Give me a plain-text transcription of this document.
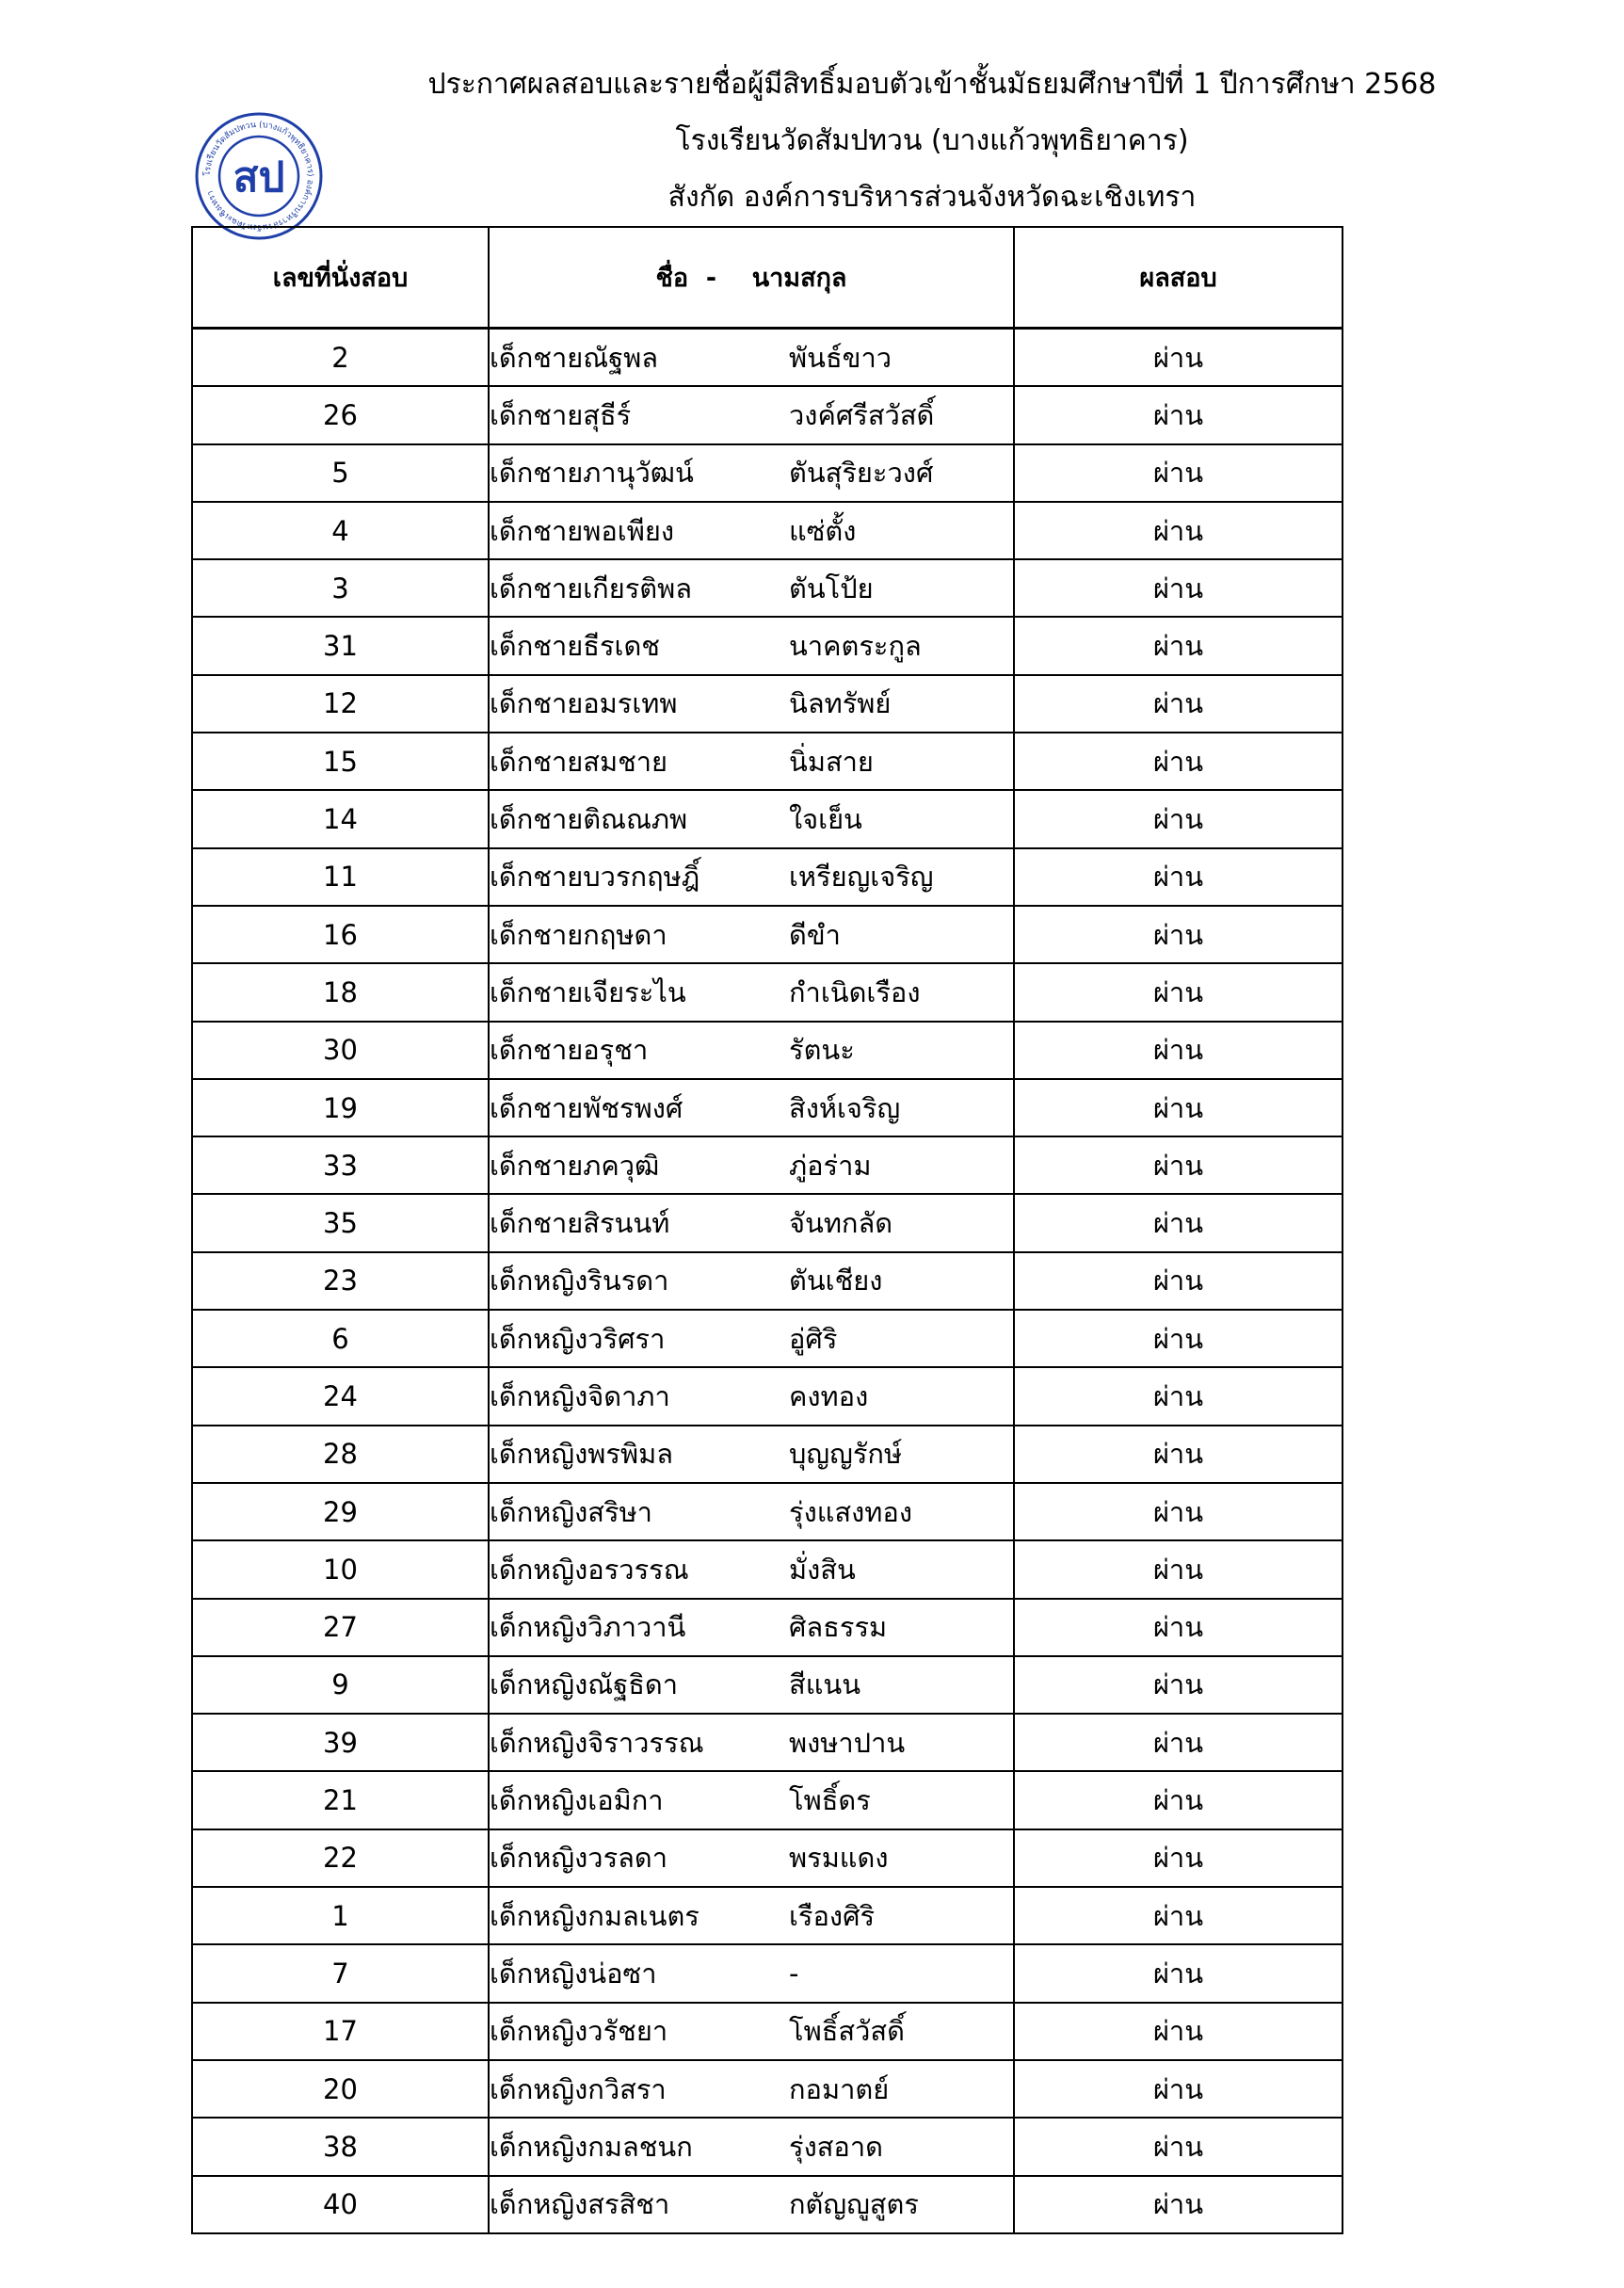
โรงเรียนวัดสัมปทวน (บางแก้วพุทธิยาคาร) องค์การบริหารส่วนจังหวัดฉะเชิงเทรา สป
ประกาศผลสอบและรายชื่อผู้มีสิทธิ์มอบตัวเข้าชั้นมัธยมศึกษาปีที่ 1 ปีการศึกษา 2568
โรงเรียนวัดสัมปทวน (บางแก้วพุทธิยาคาร)
สังกัด องค์การบริหารส่วนจังหวัดฉะเชิงเทรา
เลขที่นั่งสอบ	ชื่อ - นามสกุล	ผลสอบ
2	เด็กชายณัฐพล พันธ์ขาว	ผ่าน
26	เด็กชายสุธีร์ วงค์ศรีสวัสดิ์	ผ่าน
5	เด็กชายภานุวัฒน์ ตันสุริยะวงศ์	ผ่าน
4	เด็กชายพอเพียง แซ่ตั้ง	ผ่าน
3	เด็กชายเกียรติพล ตันโป้ย	ผ่าน
31	เด็กชายธีรเดช นาคตระกูล	ผ่าน
12	เด็กชายอมรเทพ นิลทรัพย์	ผ่าน
15	เด็กชายสมชาย นิ่มสาย	ผ่าน
14	เด็กชายติณณภพ ใจเย็น	ผ่าน
11	เด็กชายบวรกฤษฎิ์ เหรียญเจริญ	ผ่าน
16	เด็กชายกฤษดา ดีขำ	ผ่าน
18	เด็กชายเจียระไน กำเนิดเรือง	ผ่าน
30	เด็กชายอรุชา รัตนะ	ผ่าน
19	เด็กชายพัชรพงศ์ สิงห์เจริญ	ผ่าน
33	เด็กชายภควุฒิ ภู่อร่าม	ผ่าน
35	เด็กชายสิรนนท์ จันทกลัด	ผ่าน
23	เด็กหญิงรินรดา ตันเชียง	ผ่าน
6	เด็กหญิงวริศรา อู่ศิริ	ผ่าน
24	เด็กหญิงจิดาภา คงทอง	ผ่าน
28	เด็กหญิงพรพิมล บุญญรักษ์	ผ่าน
29	เด็กหญิงสริษา รุ่งแสงทอง	ผ่าน
10	เด็กหญิงอรวรรณ มั่งสิน	ผ่าน
27	เด็กหญิงวิภาวานี ศิลธรรม	ผ่าน
9	เด็กหญิงณัฐธิดา สีแนน	ผ่าน
39	เด็กหญิงจิราวรรณ พงษาปาน	ผ่าน
21	เด็กหญิงเอมิกา โพธิ์ดร	ผ่าน
22	เด็กหญิงวรลดา พรมแดง	ผ่าน
1	เด็กหญิงกมลเนตร เรืองศิริ	ผ่าน
7	เด็กหญิงน่อซา -	ผ่าน
17	เด็กหญิงวรัชยา โพธิ์สวัสดิ์	ผ่าน
20	เด็กหญิงกวิสรา กอมาตย์	ผ่าน
38	เด็กหญิงกมลชนก รุ่งสอาด	ผ่าน
40	เด็กหญิงสรสิชา กตัญญูสูตร	ผ่าน
